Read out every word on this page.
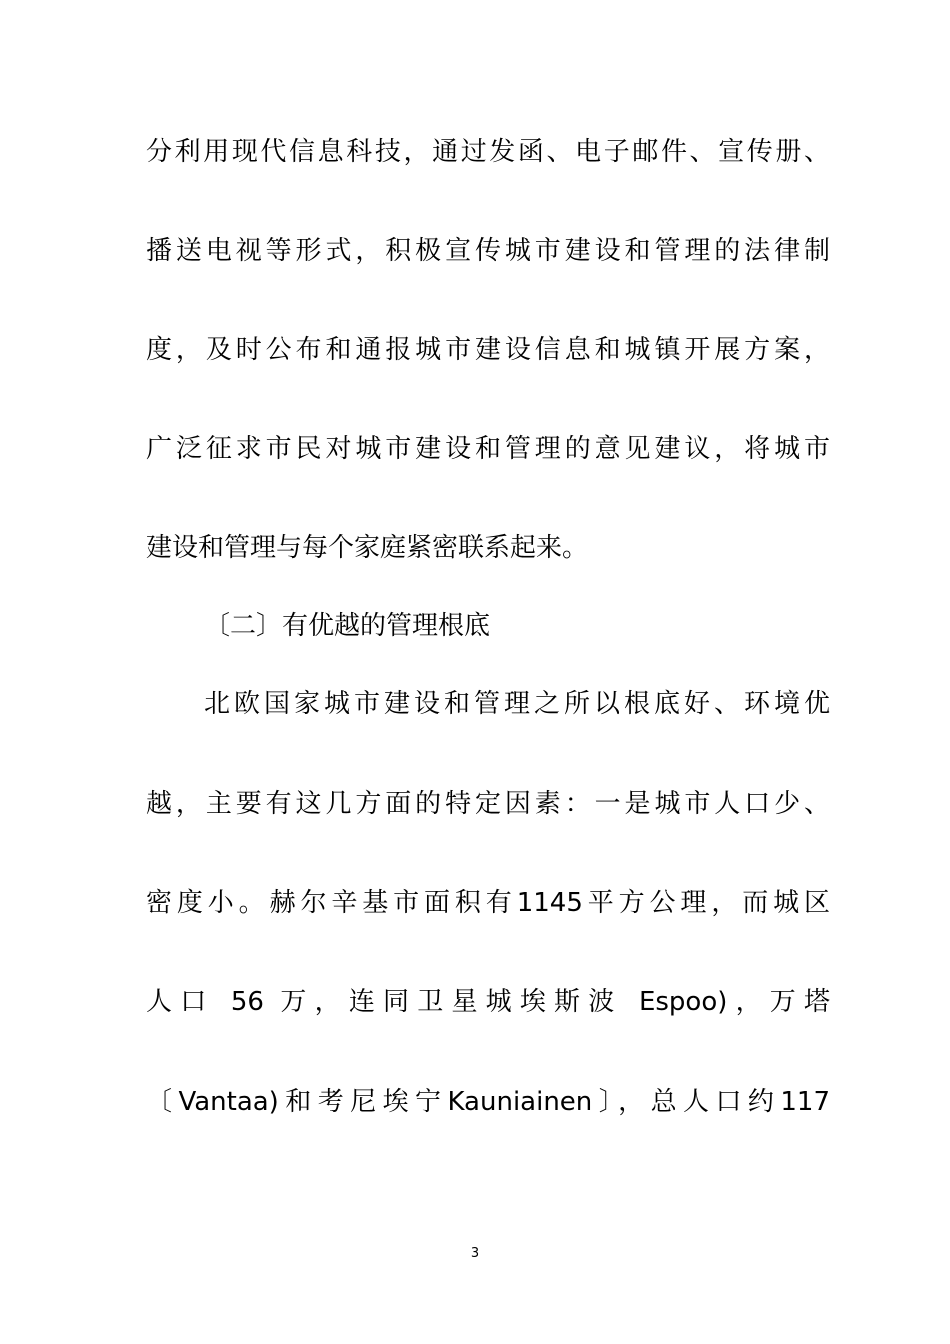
分利用现代信息科技，通过发函、电子邮件、宣传册、
播送电视等形式，积极宣传城市建设和管理的法律制
度，及时公布和通报城市建设信息和城镇开展方案，
广泛征求市民对城市建设和管理的意见建议，将城市
建设和管理与每个家庭紧密联系起来。
〔二〕有优越的管理根底
北欧国家城市建设和管理之所以根底好、环境优
越，主要有这几方面的特定因素：一是城市人口少、
密度小。赫尔辛基市面积有1145平方公理，而城区
人口 56 万，连同卫星城埃斯波 Espoo)，万塔
〔Vantaa)和考尼埃宁Kauniainen〕，总人口约117
3
